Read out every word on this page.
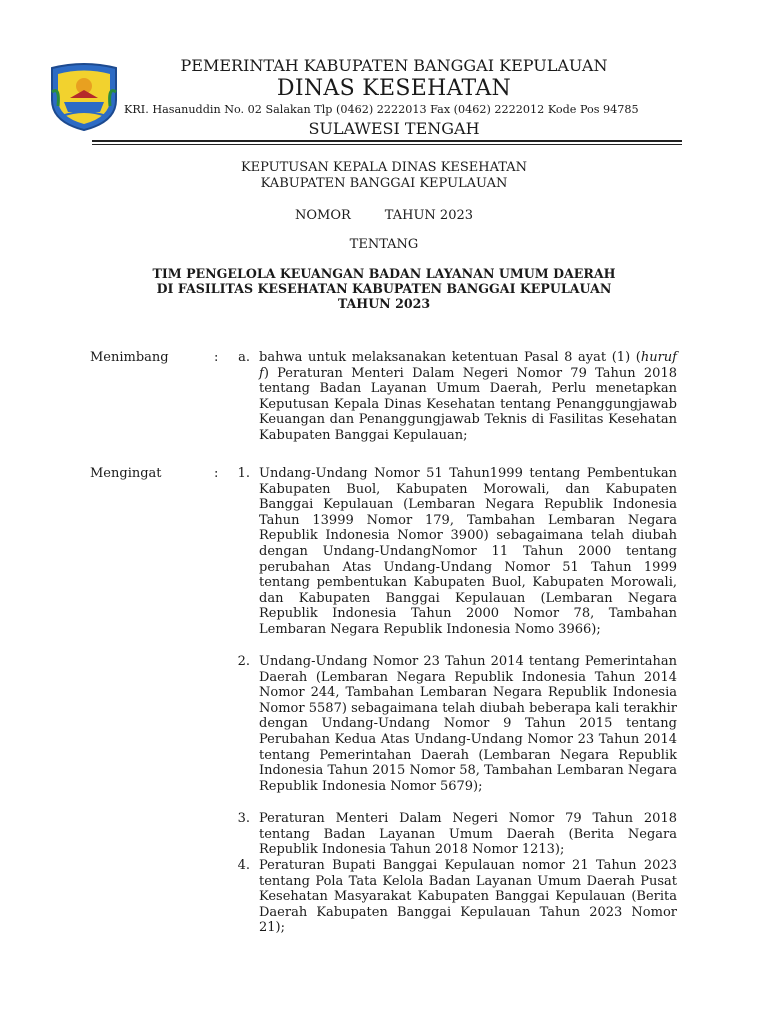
PEMERINTAH KABUPATEN BANGGAI KEPULAUAN
DINAS KESEHATAN
KRI. Hasanuddin No. 02 Salakan Tlp (0462) 2222013 Fax (0462) 2222012 Kode Pos 94785
SULAWESI TENGAH
KEPUTUSAN KEPALA DINAS KESEHATAN
KABUPATEN BANGGAI KEPULAUAN
NOMOR	TAHUN 2023
TENTANG
TIM PENGELOLA KEUANGAN BADAN LAYANAN UMUM DAERAH
DI FASILITAS KESEHATAN KABUPATEN BANGGAI KEPULAUAN
TAHUN 2023
Menimbang	:	a. bahwa untuk melaksanakan ketentuan Pasal 8 ayat (1) (huruf f) Peraturan Menteri Dalam Negeri Nomor 79 Tahun 2018 tentang Badan Layanan Umum Daerah, Perlu menetapkan Keputusan Kepala Dinas Kesehatan tentang Penanggungjawab Keuangan dan Penanggungjawab Teknis di Fasilitas Kesehatan Kabupaten Banggai Kepulauan;

Mengingat	:	1. Undang-Undang Nomor 51 Tahun1999 tentang Pembentukan Kabupaten Buol, Kabupaten Morowali, dan Kabupaten Banggai Kepulauan (Lembaran Negara Republik Indonesia Tahun 13999 Nomor 179, Tambahan Lembaran Negara Republik Indonesia Nomor 3900) sebagaimana telah diubah dengan Undang-UndangNomor 11 Tahun 2000 tentang perubahan Atas Undang-Undang Nomor 51 Tahun 1999 tentang pembentukan Kabupaten Buol, Kabupaten Morowali, dan Kabupaten Banggai Kepulauan (Lembaran Negara Republik Indonesia Tahun 2000 Nomor 78, Tambahan Lembaran Negara Republik Indonesia Nomo 3966);

2. Undang-Undang Nomor 23 Tahun 2014 tentang Pemerintahan Daerah (Lembaran Negara Republik Indonesia Tahun 2014 Nomor 244, Tambahan Lembaran Negara Republik Indonesia Nomor 5587) sebagaimana telah diubah beberapa kali terakhir dengan Undang-Undang Nomor 9 Tahun 2015 tentang Perubahan Kedua Atas Undang-Undang Nomor 23 Tahun 2014 tentang Pemerintahan Daerah (Lembaran Negara Republik Indonesia Tahun 2015 Nomor 58, Tambahan Lembaran Negara Republik Indonesia Nomor 5679);

3. Peraturan Menteri Dalam Negeri Nomor 79 Tahun 2018 tentang Badan Layanan Umum Daerah (Berita Negara Republik Indonesia Tahun 2018 Nomor 1213);

4. Peraturan Bupati Banggai Kepulauan nomor 21 Tahun 2023 tentang Pola Tata Kelola Badan Layanan Umum Daerah Pusat Kesehatan Masyarakat Kabupaten Banggai Kepulauan (Berita Daerah Kabupaten Banggai Kepulauan Tahun 2023 Nomor 21);
